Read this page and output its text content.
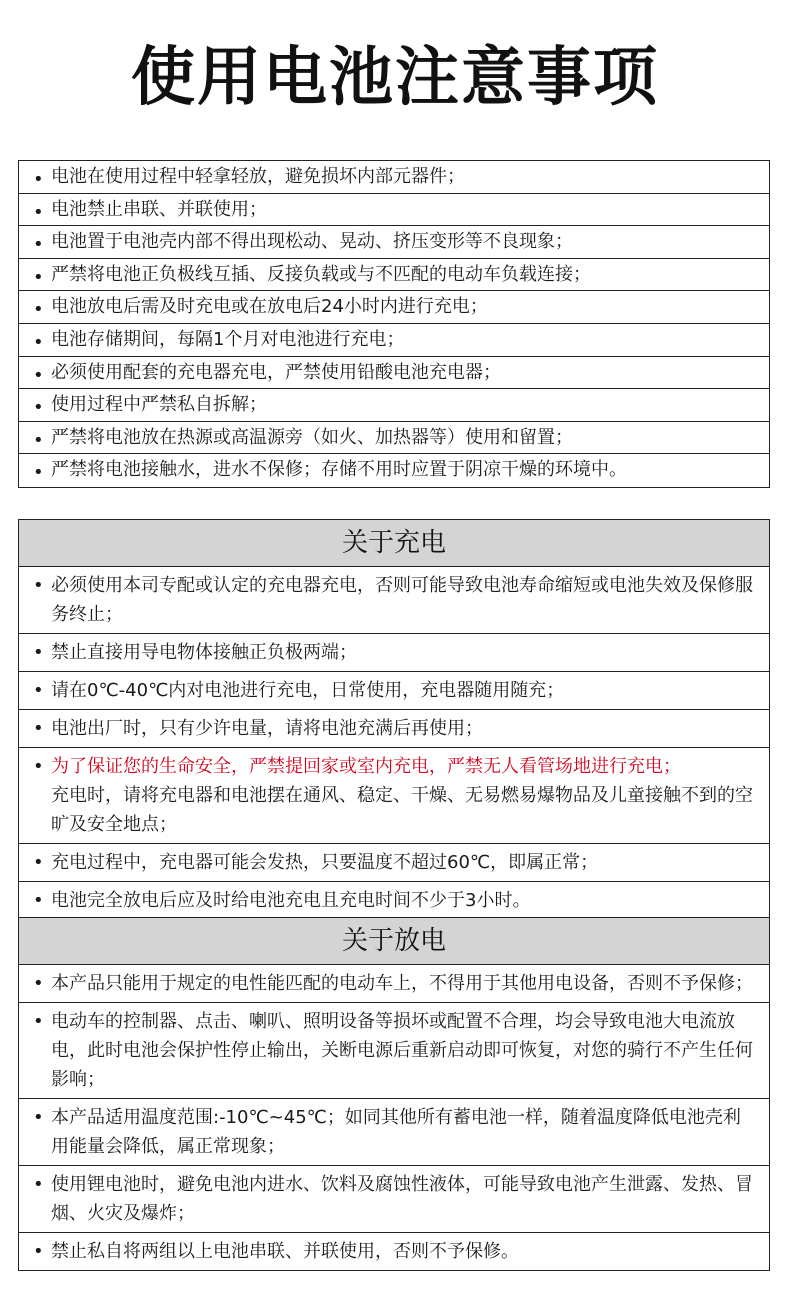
使用电池注意事项
• 电池在使用过程中轻拿轻放，避免损坏内部元器件；
• 电池禁止串联、并联使用；
• 电池置于电池壳内部不得出现松动、晃动、挤压变形等不良现象；
• 严禁将电池正负极线互插、反接负载或与不匹配的电动车负载连接；
• 电池放电后需及时充电或在放电后24小时内进行充电；
• 电池存储期间，每隔1个月对电池进行充电；
• 必须使用配套的充电器充电，严禁使用铅酸电池充电器；
• 使用过程中严禁私自拆解；
• 严禁将电池放在热源或高温源旁（如火、加热器等）使用和留置；
• 严禁将电池接触水，进水不保修；存储不用时应置于阴凉干燥的环境中。
关于充电
• 必须使用本司专配或认定的充电器充电，否则可能导致电池寿命缩短或电池失效及保修服务终止；
• 禁止直接用导电物体接触正负极两端；
• 请在0℃-40℃内对电池进行充电，日常使用，充电器随用随充；
• 电池出厂时，只有少许电量，请将电池充满后再使用；
• 为了保证您的生命安全，严禁提回家或室内充电，严禁无人看管场地进行充电；
充电时，请将充电器和电池摆在通风、稳定、干燥、无易燃易爆物品及儿童接触不到的空旷及安全地点；
• 充电过程中，充电器可能会发热，只要温度不超过60℃，即属正常；
• 电池完全放电后应及时给电池充电且充电时间不少于3小时。
关于放电
• 本产品只能用于规定的电性能匹配的电动车上，不得用于其他用电设备，否则不予保修；
• 电动车的控制器、点击、喇叭、照明设备等损坏或配置不合理，均会导致电池大电流放电，此时电池会保护性停止输出，关断电源后重新启动即可恢复，对您的骑行不产生任何影响；
• 本产品适用温度范围:-10℃~45℃；如同其他所有蓄电池一样，随着温度降低电池壳利用能量会降低，属正常现象；
• 使用锂电池时，避免电池内进水、饮料及腐蚀性液体，可能导致电池产生泄露、发热、冒烟、火灾及爆炸；
• 禁止私自将两组以上电池串联、并联使用，否则不予保修。
